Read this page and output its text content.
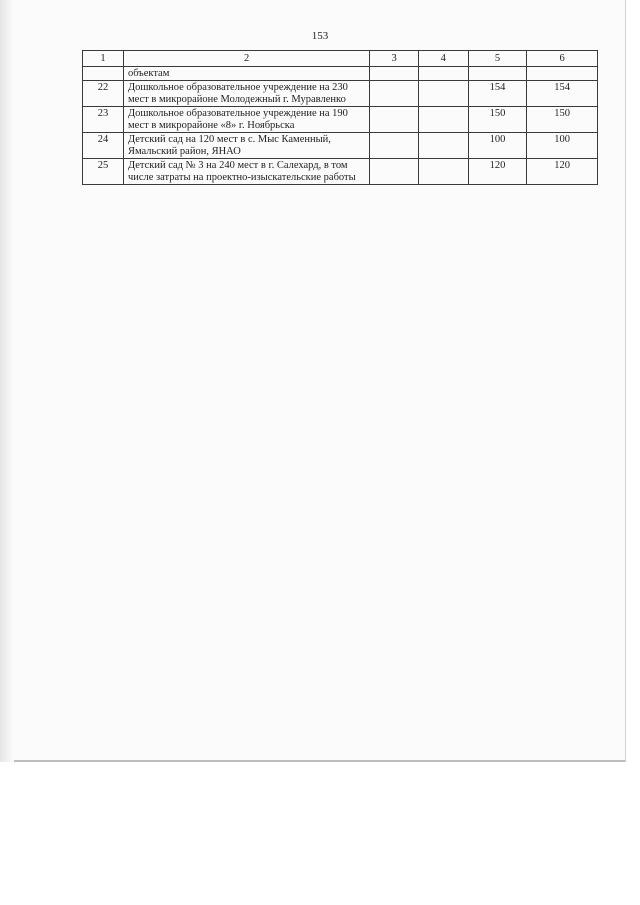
153
1	2	3	4	5	6
	объектам				
22	Дошкольное образовательное учреждение на 230 мест в микрорайоне Молодежный г. Муравленко			154	154
23	Дошкольное образовательное учреждение на 190 мест в микрорайоне «8» г. Ноябрьска			150	150
24	Детский сад на 120 мест в с. Мыс Каменный, Ямальский район, ЯНАО			100	100
25	Детский сад № 3 на 240 мест в г. Салехард, в том числе затраты на проектно-изыскательские работы			120	120
